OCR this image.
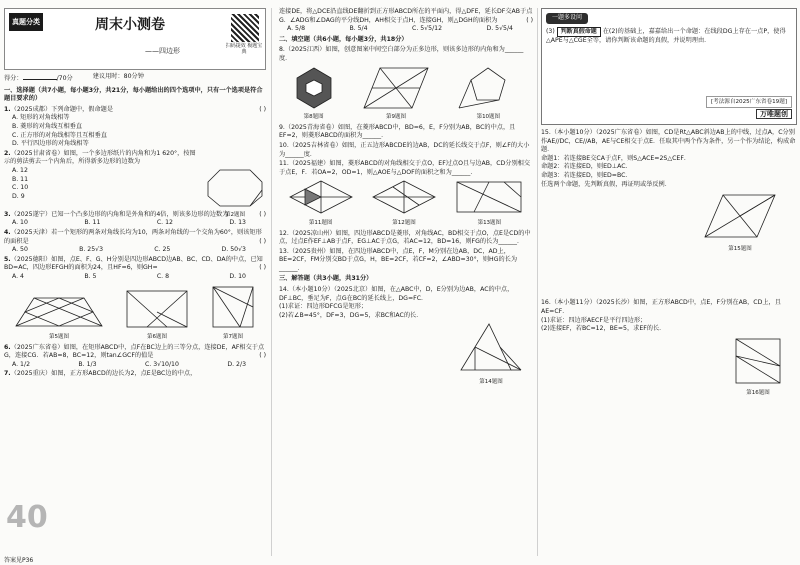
真题分类	周末小测卷
——四边形
扫码提效 极题宝典
得分：	/70分	建议用时：80分钟
一、选择题（共7小题，每小题3分，共21分，每小题给出的四个选项中，只有一个选项是符合题目要求的）
1.（2025成都）下列命题中，假命题是	( )
A. 矩形的对角线相等
B. 菱形的对角线互相垂直
C. 正方形的对角线相等且互相垂直
D. 平行四边形的对角线相等
2.（2025甘肃省卷）如图，一个多边形纸片的内角和为1 620°，按图示的剪法剪去一个内角后，所得新多边形的边数为
A. 12
B. 11
C. 10
D. 9
第2题图
3.（2025遂宁）已知一个凸多边形的内角和是外角和的4倍，则该多边形的边数为	( )
A. 10	B. 11	C. 12	D. 13
4.（2025天津）若一个矩形的两条对角线长均为10，两条对角线的一个交角为60°，则该矩形的面积是	( )
A. 50	B. 25√3	C. 25	D. 50√3
5.（2025德阳）如图，点E、F、G、H分别是四边形ABCD边AB、BC、CD、DA的中点，已知BD=AC，四边形EFGH的面积为24，且HF=6，则GH=	( )
A. 4	B. 5	C. 8	D. 10
第5题图	第6题图	第7题图
6.（2025广东省卷）如图，在矩形ABCD中，点F在BC边上的三等分点，连接DE，AF相交于点G，连接CG．若AB=8，BC=12，则tan∠GCF的值是	( )
A. 1/2	B. 1/3	C. 3√10/10	D. 2/3
7.（2025重庆）如图，正方形ABCD的边长为2，点E是BC边的中点，
40
答案见P36
连接DE，将△DCE沿直线DE翻折到正方形ABCD所在的平面内，得△DFE，延长DF交AB于点G．∠ADG和∠DAG的平分线DH，AH相交于点H，连接GH，则△DGH的面积为	( )
A. 5/8	B. 5/4	C. 5√5/12	D. 5√5/4
二、填空题（共6小题，每小题3分，共18分）
8.（2025江西）如图，创意图案中间空白部分为正多边形，则该多边形的内角和为______度．
第8题图	第9题图	第10题图
9.（2025青海省卷）如图，在菱形ABCD中，BD=6，E，F分别为AB，BC的中点，且EF=2，则菱形ABCD的面积为______．
10.（2025吉林省卷）如图，正五边形ABCDE的边AB，DC的延长线交于点F，则∠F的大小为______度．
11.（2025福建）如图，菱形ABCD的对角线相交于点O，EF过点O且与边AB，CD分别相交于点E，F．若OA=2，OD=1，则△AOE与△DOF的面积之和为______．
第11题图	第12题图	第13题图
12.（2025凉山州）如图，四边形ABCD是菱形，对角线AC，BD相交于点O，点E是CD的中点，过点E作EF⊥AB于点F，EG⊥AC于点G，若AC=12，BD=16，则FG的长为______．
13.（2025贵州）如图，在四边形ABCD中，点E，F，M分别在边AB，DC，AD上，BE=2CF，FM分别交BD于点G，H，BE=2CF，若CF=2，∠ABD=30°，则HG的长为______．
三、解答题（共3小题，共31分）
14.（本小题10分）（2025北京）如图，在△ABC中，D，E分别为边AB，AC的中点，DF⊥BC，垂足为F，点G在BC的延长线上，DG=FC．
(1)求证：四边形DFCG是矩形；
(2)若∠B=45°，DF=3，DG=5，求BC和AC的长．
第14题图
一题多设问
(3) 判断真假命题 在(2)的基础上，嘉嘉给出一个命题：在线段DG上存在一点P，使得△APE与△CGE全等，请你判断该命题的真假，并说明理由．
[考法源自2025广东省卷19题]
万唯题创
15.（本小题10分）（2025广东省卷）如图，CD是Rt△ABC斜边AB上的中线，过点A，C分别作AE//DC，CE//AB，AE与CE相交于点E．任取其中两个作为条件，另一个作为结论，构成命题．
命题1：若连接BE交CA于点F，则S△ACE=2S△CEF．
命题2：若连接ED，则ED⊥AC．
命题3：若连接ED，则ED=BC．
任选两个命题，先判断真假，再证明或举反例．
第15题图
16.（本小题11分）（2025长沙）如图，正方形ABCD中，点E，F分别在AB，CD上，且AE=CF．
(1)求证：四边形AECF是平行四边形；
(2)连接EF，若BC=12，BE=5，求EF的长．
第16题图
